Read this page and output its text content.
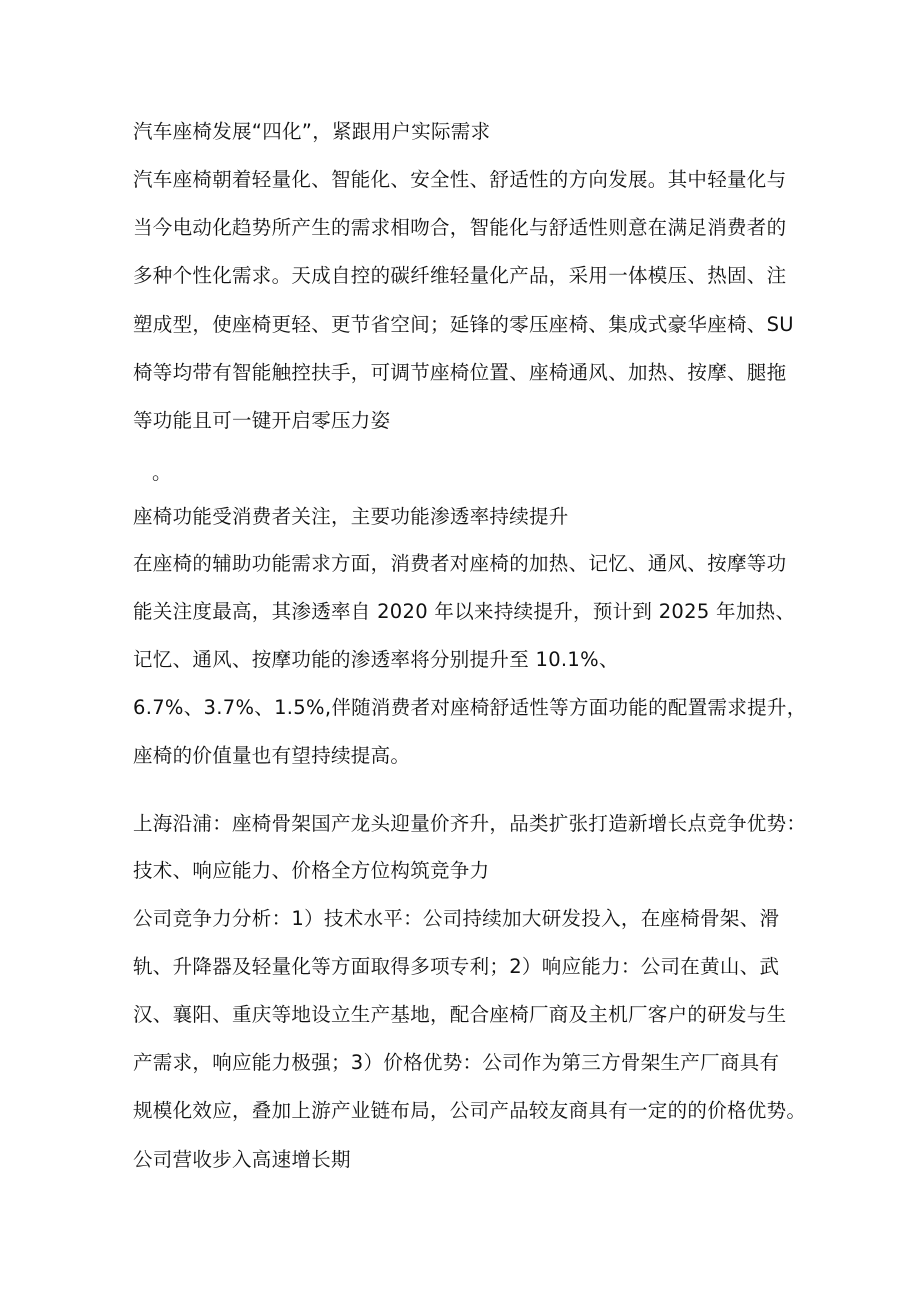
汽车座椅发展“四化”，紧跟用户实际需求
汽车座椅朝着轻量化、智能化、安全性、舒适性的方向发展。其中轻量化与
当今电动化趋势所产生的需求相吻合，智能化与舒适性则意在满足消费者的
多种个性化需求。天成自控的碳纤维轻量化产品，采用一体模压、热固、注
塑成型，使座椅更轻、更节省空间；延锋的零压座椅、集成式豪华座椅、SU
椅等均带有智能触控扶手，可调节座椅位置、座椅通风、加热、按摩、腿拖
等功能且可一键开启零压力姿
。
座椅功能受消费者关注，主要功能渗透率持续提升
在座椅的辅助功能需求方面，消费者对座椅的加热、记忆、通风、按摩等功
能关注度最高，其渗透率自 2020 年以来持续提升，预计到 2025 年加热、
记忆、通风、按摩功能的渗透率将分别提升至 10.1%、
6.7%、3.7%、1.5%,伴随消费者对座椅舒适性等方面功能的配置需求提升，
座椅的价值量也有望持续提高。
上海沿浦：座椅骨架国产龙头迎量价齐升，品类扩张打造新增长点竞争优势：
技术、响应能力、价格全方位构筑竞争力
公司竞争力分析：1）技术水平：公司持续加大研发投入，在座椅骨架、滑
轨、升降器及轻量化等方面取得多项专利；2）响应能力：公司在黄山、武
汉、襄阳、重庆等地设立生产基地，配合座椅厂商及主机厂客户的研发与生
产需求，响应能力极强；3）价格优势：公司作为第三方骨架生产厂商具有
规模化效应，叠加上游产业链布局，公司产品较友商具有一定的的价格优势。
公司营收步入高速增长期
